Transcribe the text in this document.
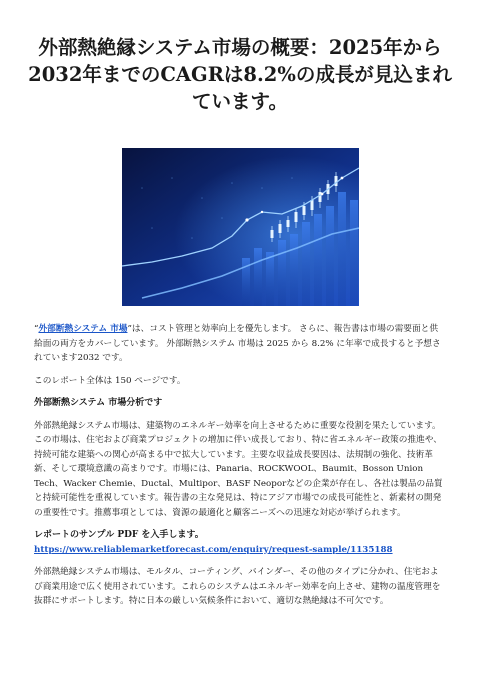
外部熱絶縁システム市場の概要：2025年から2032年までのCAGRは8.2%の成長が見込まれています。

“外部断熱システム 市場”は、コスト管理と効率向上を優先します。 さらに、報告書は市場の需要面と供給面の両方をカバーしています。 外部断熱システム 市場は 2025 から 8.2% に年率で成長すると予想されています2032 です。

このレポート全体は 150 ページです。

外部断熱システム 市場分析です

外部熱絶縁システム市場は、建築物のエネルギー効率を向上させるために重要な役割を果たしています。この市場は、住宅および商業プロジェクトの増加に伴い成長しており、特に省エネルギー政策の推進や、持続可能な建築への関心が高まる中で拡大しています。主要な収益成長要因は、法規制の強化、技術革新、そして環境意識の高まりです。市場には、Panaria、ROCKWOOL、Baumit、Bosson Union Tech、Wacker Chemie、Ductal、Multipor、BASF Neoporなどの企業が存在し、各社は製品の品質と持続可能性を重視しています。報告書の主な発見は、特にアジア市場での成長可能性と、新素材の開発の重要性です。推薦事項としては、資源の最適化と顧客ニーズへの迅速な対応が挙げられます。

レポートのサンプル PDF を入手します。 https://www.reliablemarketforecast.com/enquiry/request-sample/1135188

外部熱絶縁システム市場は、モルタル、コーティング、バインダー、その他のタイプに分かれ、住宅および商業用途で広く使用されています。これらのシステムはエネルギー効率を向上させ、建物の温度管理を抜群にサポートします。特に日本の厳しい気候条件において、適切な熱絶縁は不可欠です。
